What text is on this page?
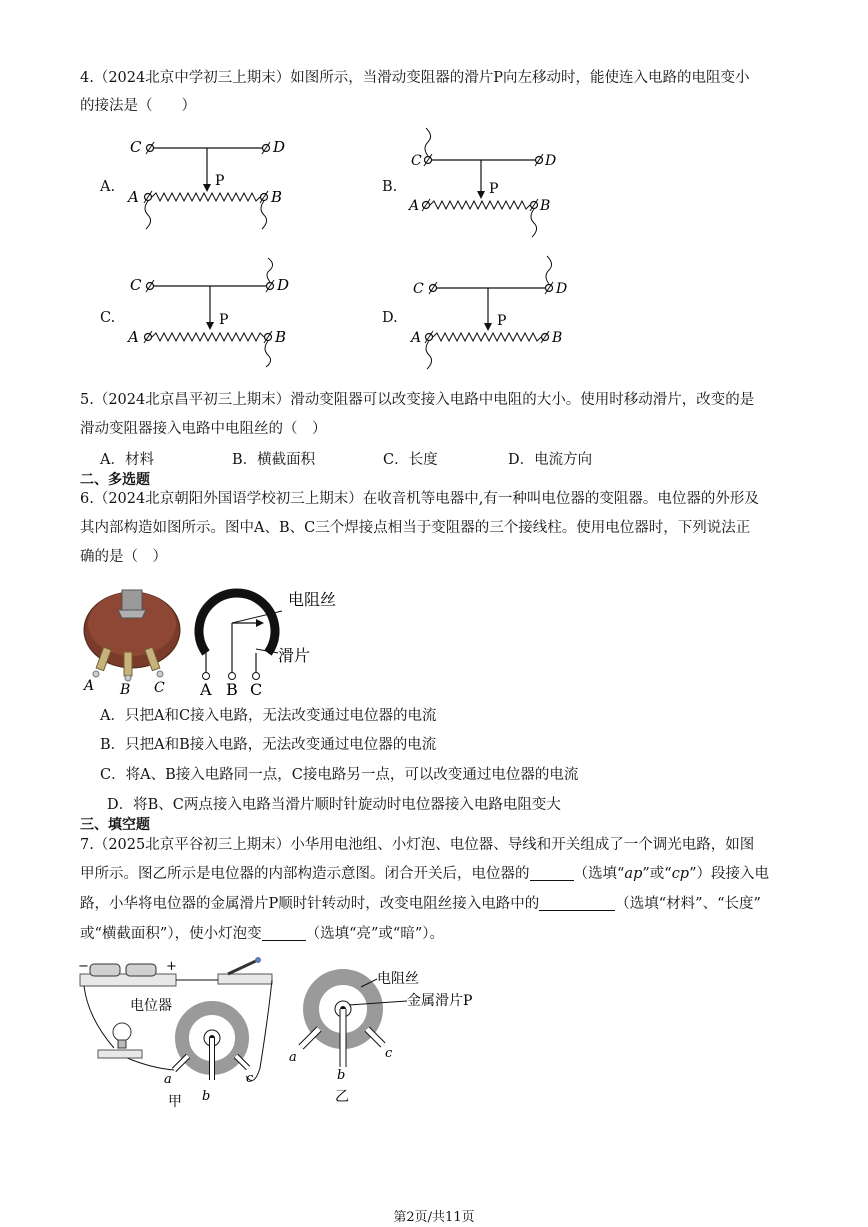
4.（2024北京中学初三上期末）如图所示，当滑动变阻器的滑片P向左移动时，能使连入电路的电阻变小
的接法是（　　）
A.
C	D
P
A	B
B.
C	D
P
A	B
C.
C	D
P
A	B
D.
C	D
P
A	B
5.（2024北京昌平初三上期末）滑动变阻器可以改变接入电路中电阻的大小。使用时移动滑片，改变的是
滑动变阻器接入电路中电阻丝的（　）
A．材料	B．横截面积	C．长度	D．电流方向
二、多选题
6.（2024北京朝阳外国语学校初三上期末）在收音机等电器中,有一种叫电位器的变阻器。电位器的外形及
其内部构造如图所示。图中A、B、C三个焊接点相当于变阻器的三个接线柱。使用电位器时，下列说法正
确的是（　）
A B C
电阻丝
滑片
A B C
A．只把A和C接入电路，无法改变通过电位器的电流
B．只把A和B接入电路，无法改变通过电位器的电流
C．将A、B接入电路同一点，C接电路另一点，可以改变通过电位器的电流
D．将B、C两点接入电路当滑片顺时针旋动时电位器接入电路电阻变大
三、填空题
7.（2025北京平谷初三上期末）小华用电池组、小灯泡、电位器、导线和开关组成了一个调光电路，如图
甲所示。图乙所示是电位器的内部构造示意图。闭合开关后，电位器的	（选填“ap”或“cp”）段接入电
路，小华将电位器的金属滑片P顺时针转动时，改变电阻丝接入电路中的	（选填“材料”、“长度”
或“横截面积”），使小灯泡变	（选填“亮”或“暗”）。
−	+
电位器
a
b
c
甲
电阻丝
金属滑片P
a
b
c
乙
第2页/共11页
